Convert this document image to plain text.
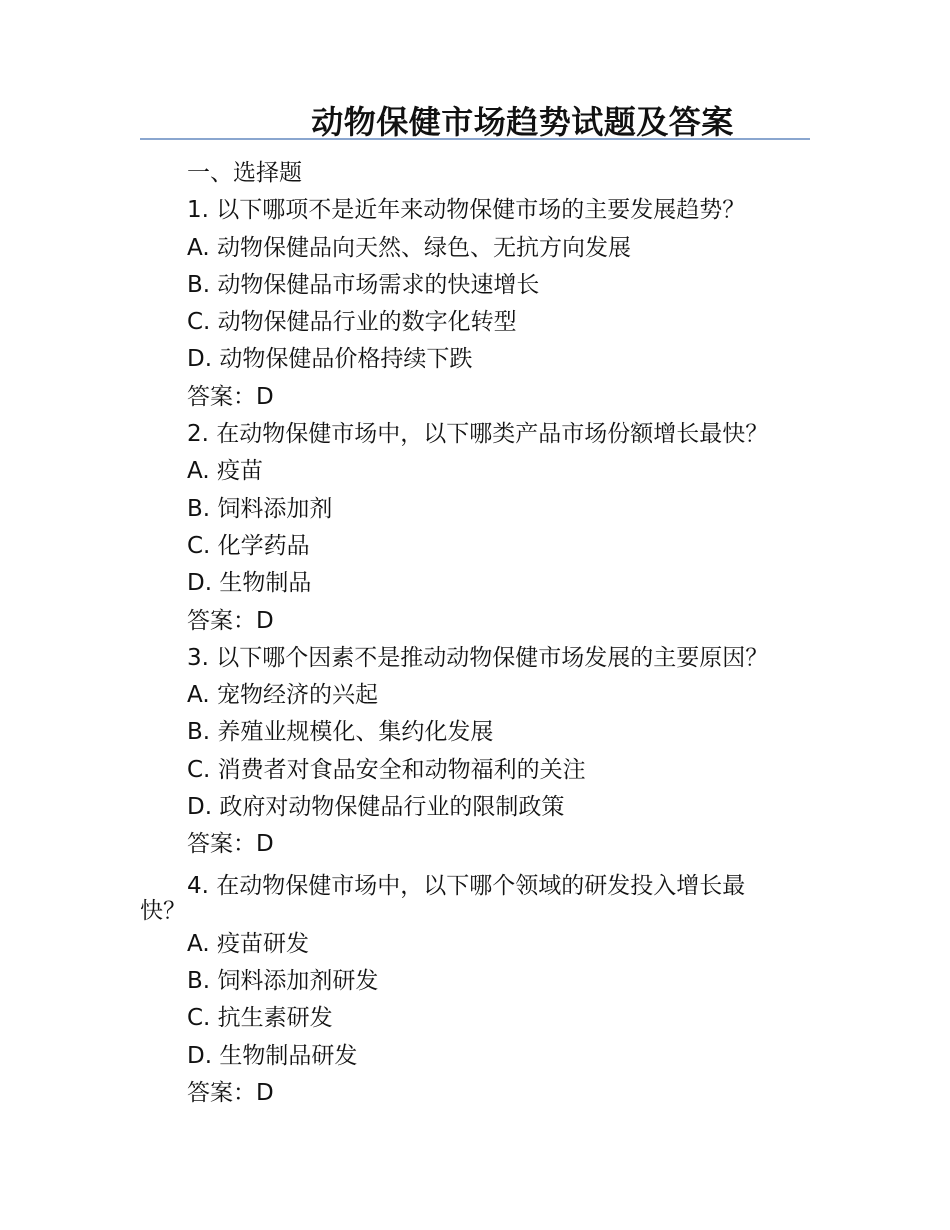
动物保健市场趋势试题及答案
一、选择题
1. 以下哪项不是近年来动物保健市场的主要发展趋势？
A. 动物保健品向天然、绿色、无抗方向发展
B. 动物保健品市场需求的快速增长
C. 动物保健品行业的数字化转型
D. 动物保健品价格持续下跌
答案：D
2. 在动物保健市场中，以下哪类产品市场份额增长最快？
A. 疫苗
B. 饲料添加剂
C. 化学药品
D. 生物制品
答案：D
3. 以下哪个因素不是推动动物保健市场发展的主要原因？
A. 宠物经济的兴起
B. 养殖业规模化、集约化发展
C. 消费者对食品安全和动物福利的关注
D. 政府对动物保健品行业的限制政策
答案：D
4. 在动物保健市场中，以下哪个领域的研发投入增长最快？
A. 疫苗研发
B. 饲料添加剂研发
C. 抗生素研发
D. 生物制品研发
答案：D
